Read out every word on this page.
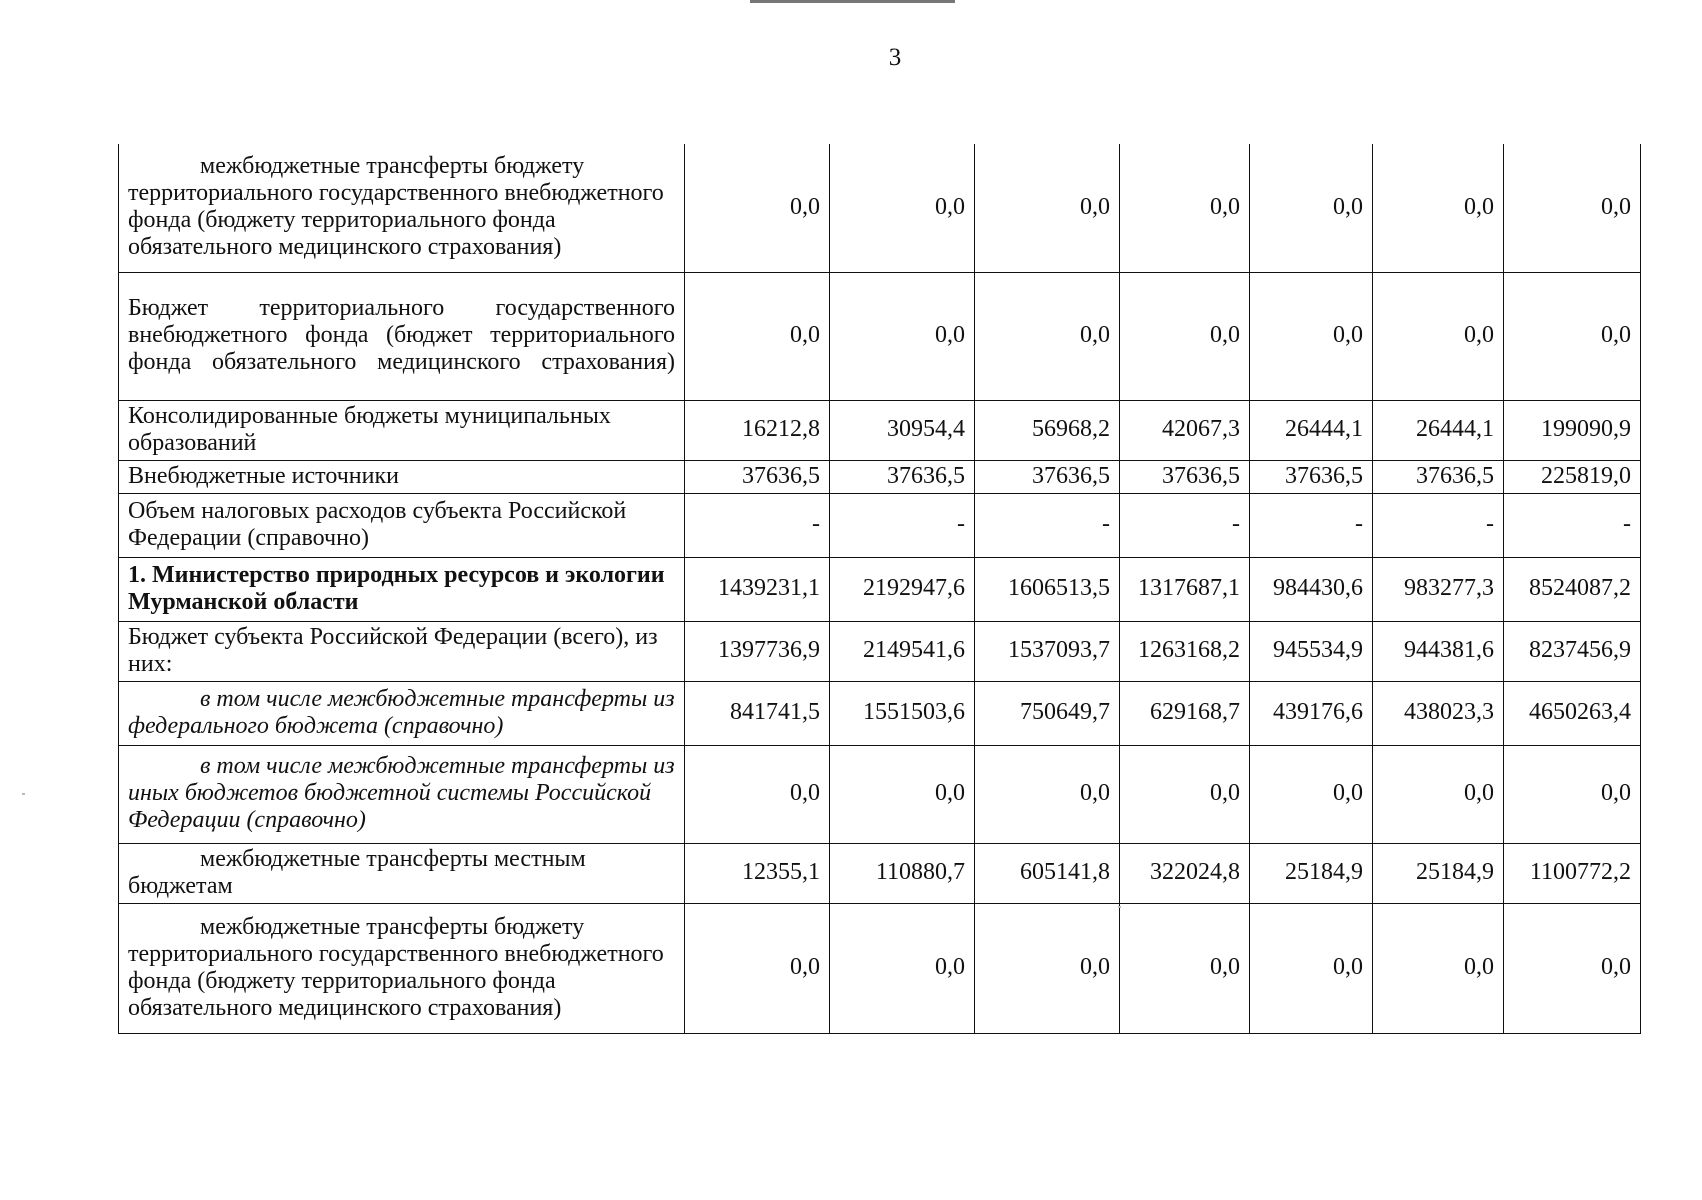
3
межбюджетные трансферты бюджету территориального государственного внебюджетного фонда (бюджету территориального фонда обязательного медицинского страхования)	0,0	0,0	0,0	0,0	0,0	0,0	0,0
Бюджет территориального государственного внебюджетного фонда (бюджет территориального фонда обязательного медицинского страхования)	0,0	0,0	0,0	0,0	0,0	0,0	0,0
Консолидированные бюджеты муниципальных образований	16212,8	30954,4	56968,2	42067,3	26444,1	26444,1	199090,9
Внебюджетные источники	37636,5	37636,5	37636,5	37636,5	37636,5	37636,5	225819,0
Объем налоговых расходов субъекта Российской Федерации (справочно)	-	-	-	-	-	-	-
1. Министерство природных ресурсов и экологии Мурманской области	1439231,1	2192947,6	1606513,5	1317687,1	984430,6	983277,3	8524087,2
Бюджет субъекта Российской Федерации (всего), из них:	1397736,9	2149541,6	1537093,7	1263168,2	945534,9	944381,6	8237456,9
в том числе межбюджетные трансферты из федерального бюджета (справочно)	841741,5	1551503,6	750649,7	629168,7	439176,6	438023,3	4650263,4
в том числе межбюджетные трансферты из иных бюджетов бюджетной системы Российской Федерации (справочно)	0,0	0,0	0,0	0,0	0,0	0,0	0,0
межбюджетные трансферты местным бюджетам	12355,1	110880,7	605141,8	322024,8	25184,9	25184,9	1100772,2
межбюджетные трансферты бюджету территориального государственного внебюджетного фонда (бюджету территориального фонда обязательного медицинского страхования)	0,0	0,0	0,0	0,0	0,0	0,0	0,0
